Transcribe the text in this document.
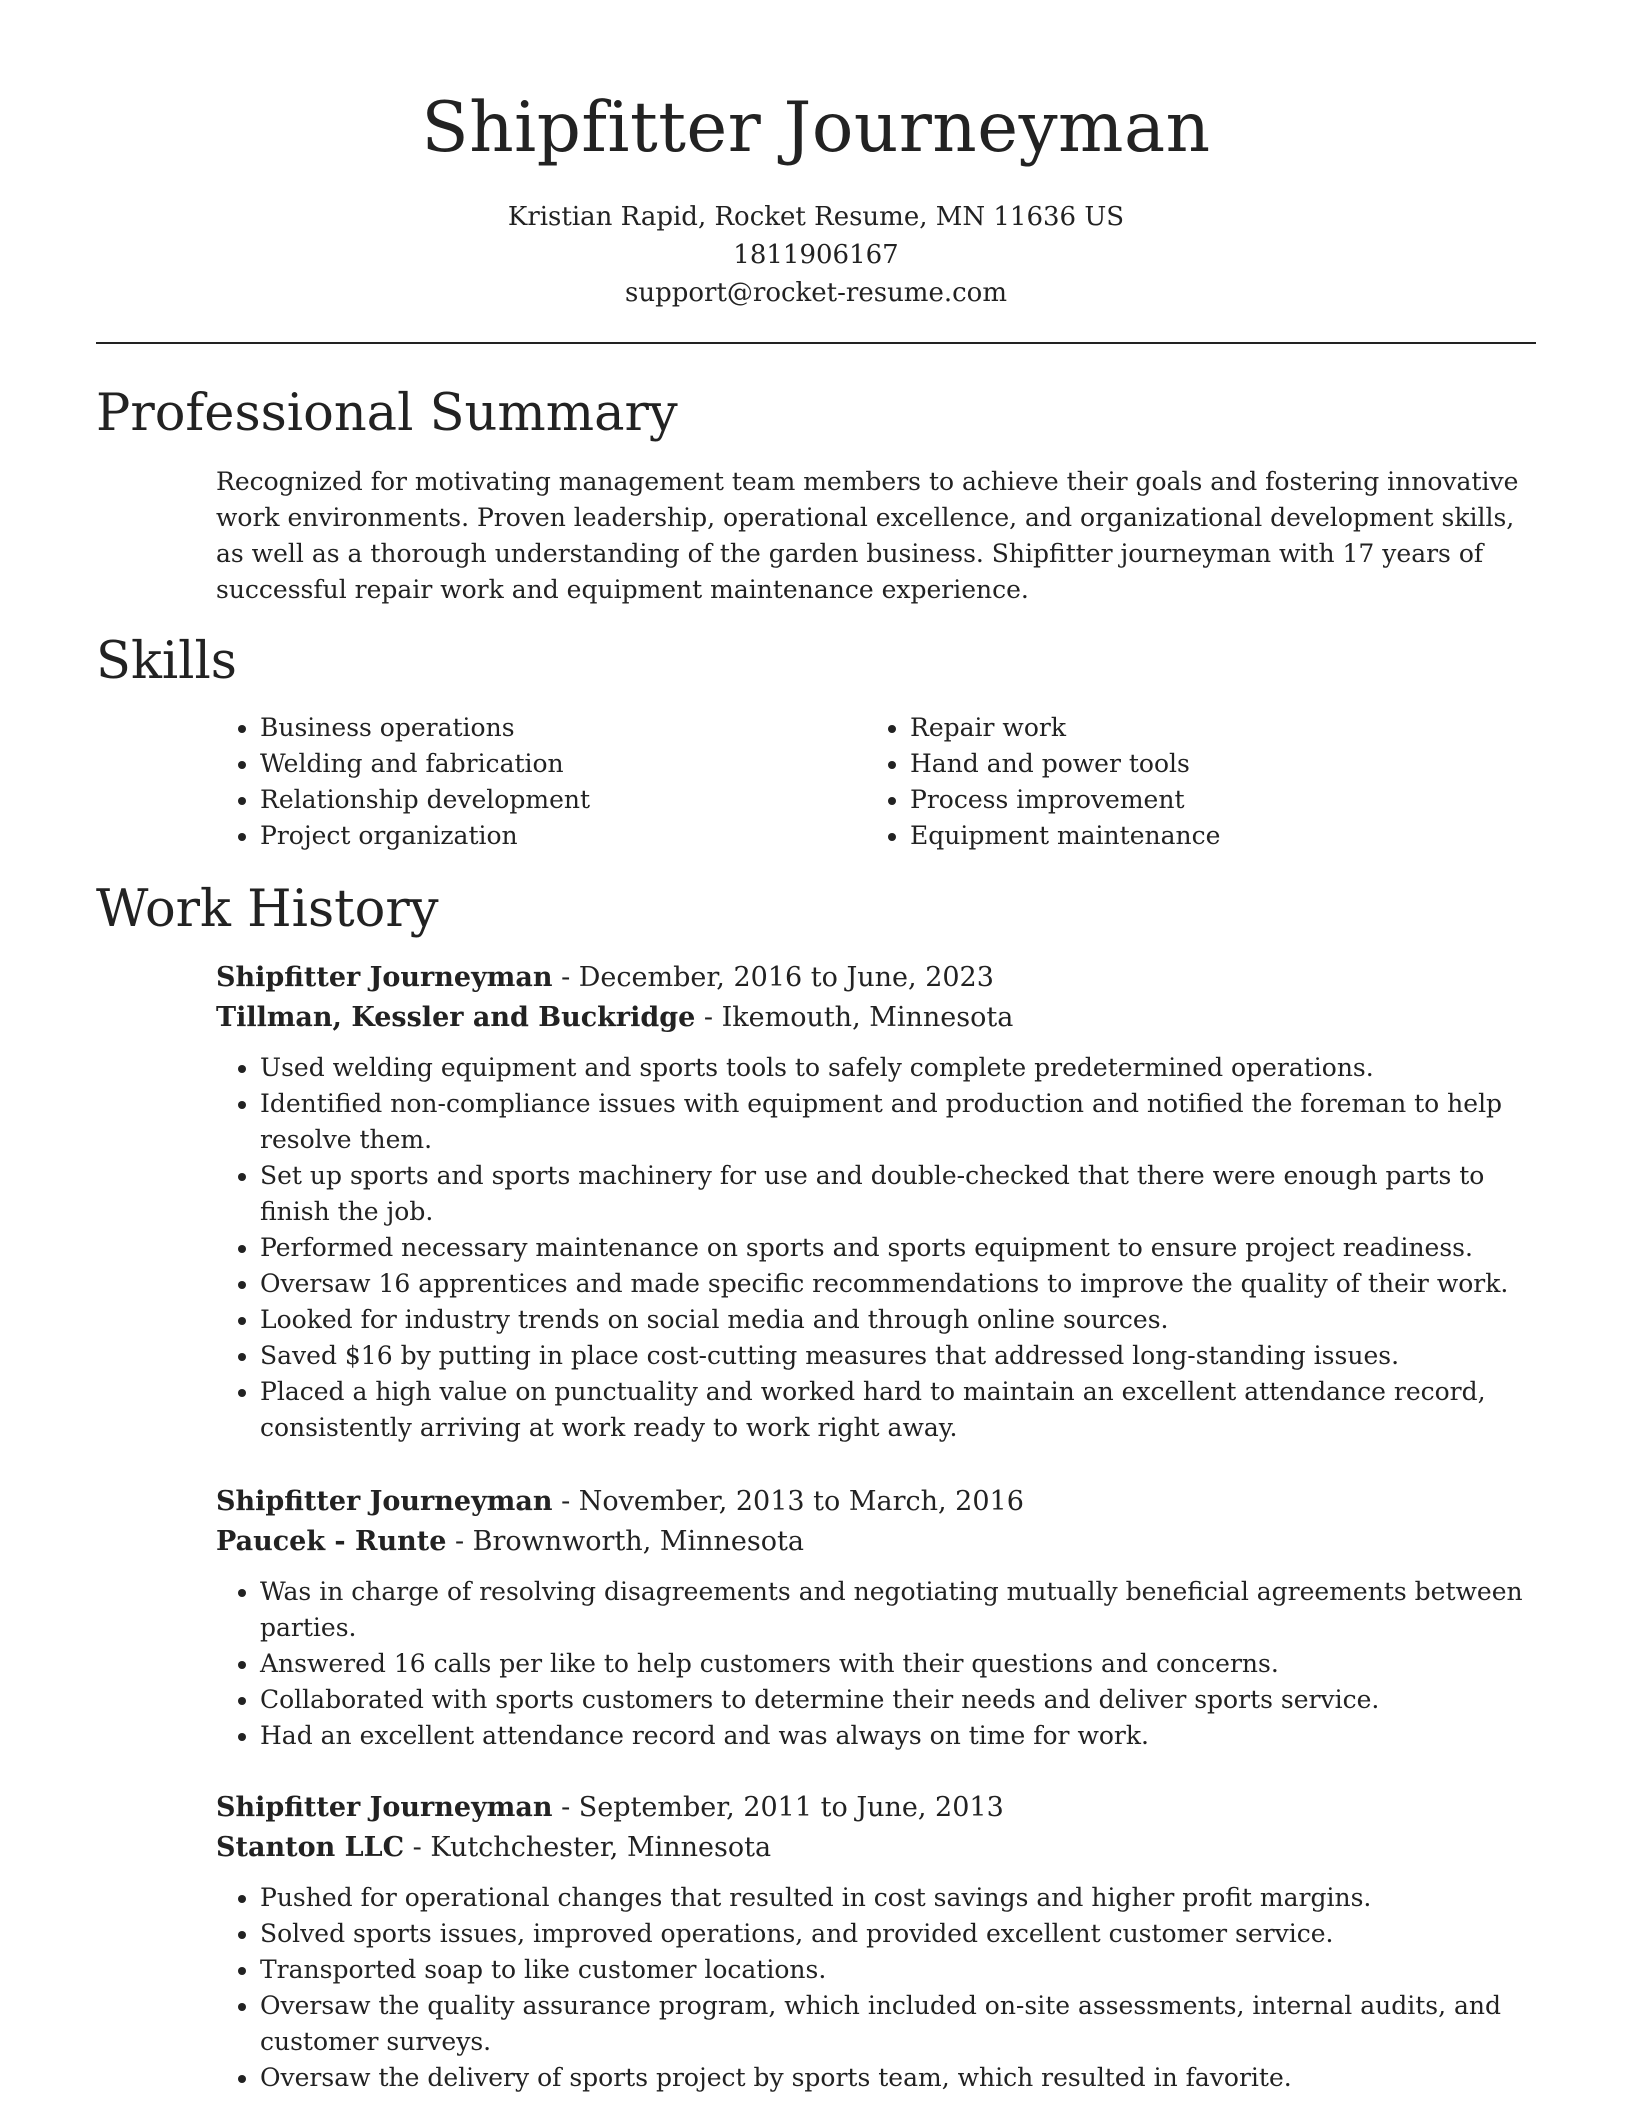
Shipfitter Journeyman

Kristian Rapid, Rocket Resume, MN 11636 US

1811906167

support@rocket-resume.com

Professional Summary

Recognized for motivating management team members to achieve their goals and fostering innovative work environments. Proven leadership, operational excellence, and organizational development skills, as well as a thorough understanding of the garden business. Shipfitter journeyman with 17 years of successful repair work and equipment maintenance experience.

Skills
• Business operations
• Welding and fabrication
• Relationship development
• Project organization
• Repair work
• Hand and power tools
• Process improvement
• Equipment maintenance
Work History

Shipfitter Journeyman - December, 2016 to June, 2023

Tillman, Kessler and Buckridge - Ikemouth, Minnesota

• Used welding equipment and sports tools to safely complete predetermined operations.
• Identified non-compliance issues with equipment and production and notified the foreman to help resolve them.
• Set up sports and sports machinery for use and double-checked that there were enough parts to finish the job.
• Performed necessary maintenance on sports and sports equipment to ensure project readiness.
• Oversaw 16 apprentices and made specific recommendations to improve the quality of their work.
• Looked for industry trends on social media and through online sources.
• Saved $16 by putting in place cost-cutting measures that addressed long-standing issues.
• Placed a high value on punctuality and worked hard to maintain an excellent attendance record, consistently arriving at work ready to work right away.

Shipfitter Journeyman - November, 2013 to March, 2016

Paucek - Runte - Brownworth, Minnesota

• Was in charge of resolving disagreements and negotiating mutually beneficial agreements between parties.
• Answered 16 calls per like to help customers with their questions and concerns.
• Collaborated with sports customers to determine their needs and deliver sports service.
• Had an excellent attendance record and was always on time for work.

Shipfitter Journeyman - September, 2011 to June, 2013

Stanton LLC - Kutchchester, Minnesota

• Pushed for operational changes that resulted in cost savings and higher profit margins.
• Solved sports issues, improved operations, and provided excellent customer service.
• Transported soap to like customer locations.
• Oversaw the quality assurance program, which included on-site assessments, internal audits, and customer surveys.
• Oversaw the delivery of sports project by sports team, which resulted in favorite.
